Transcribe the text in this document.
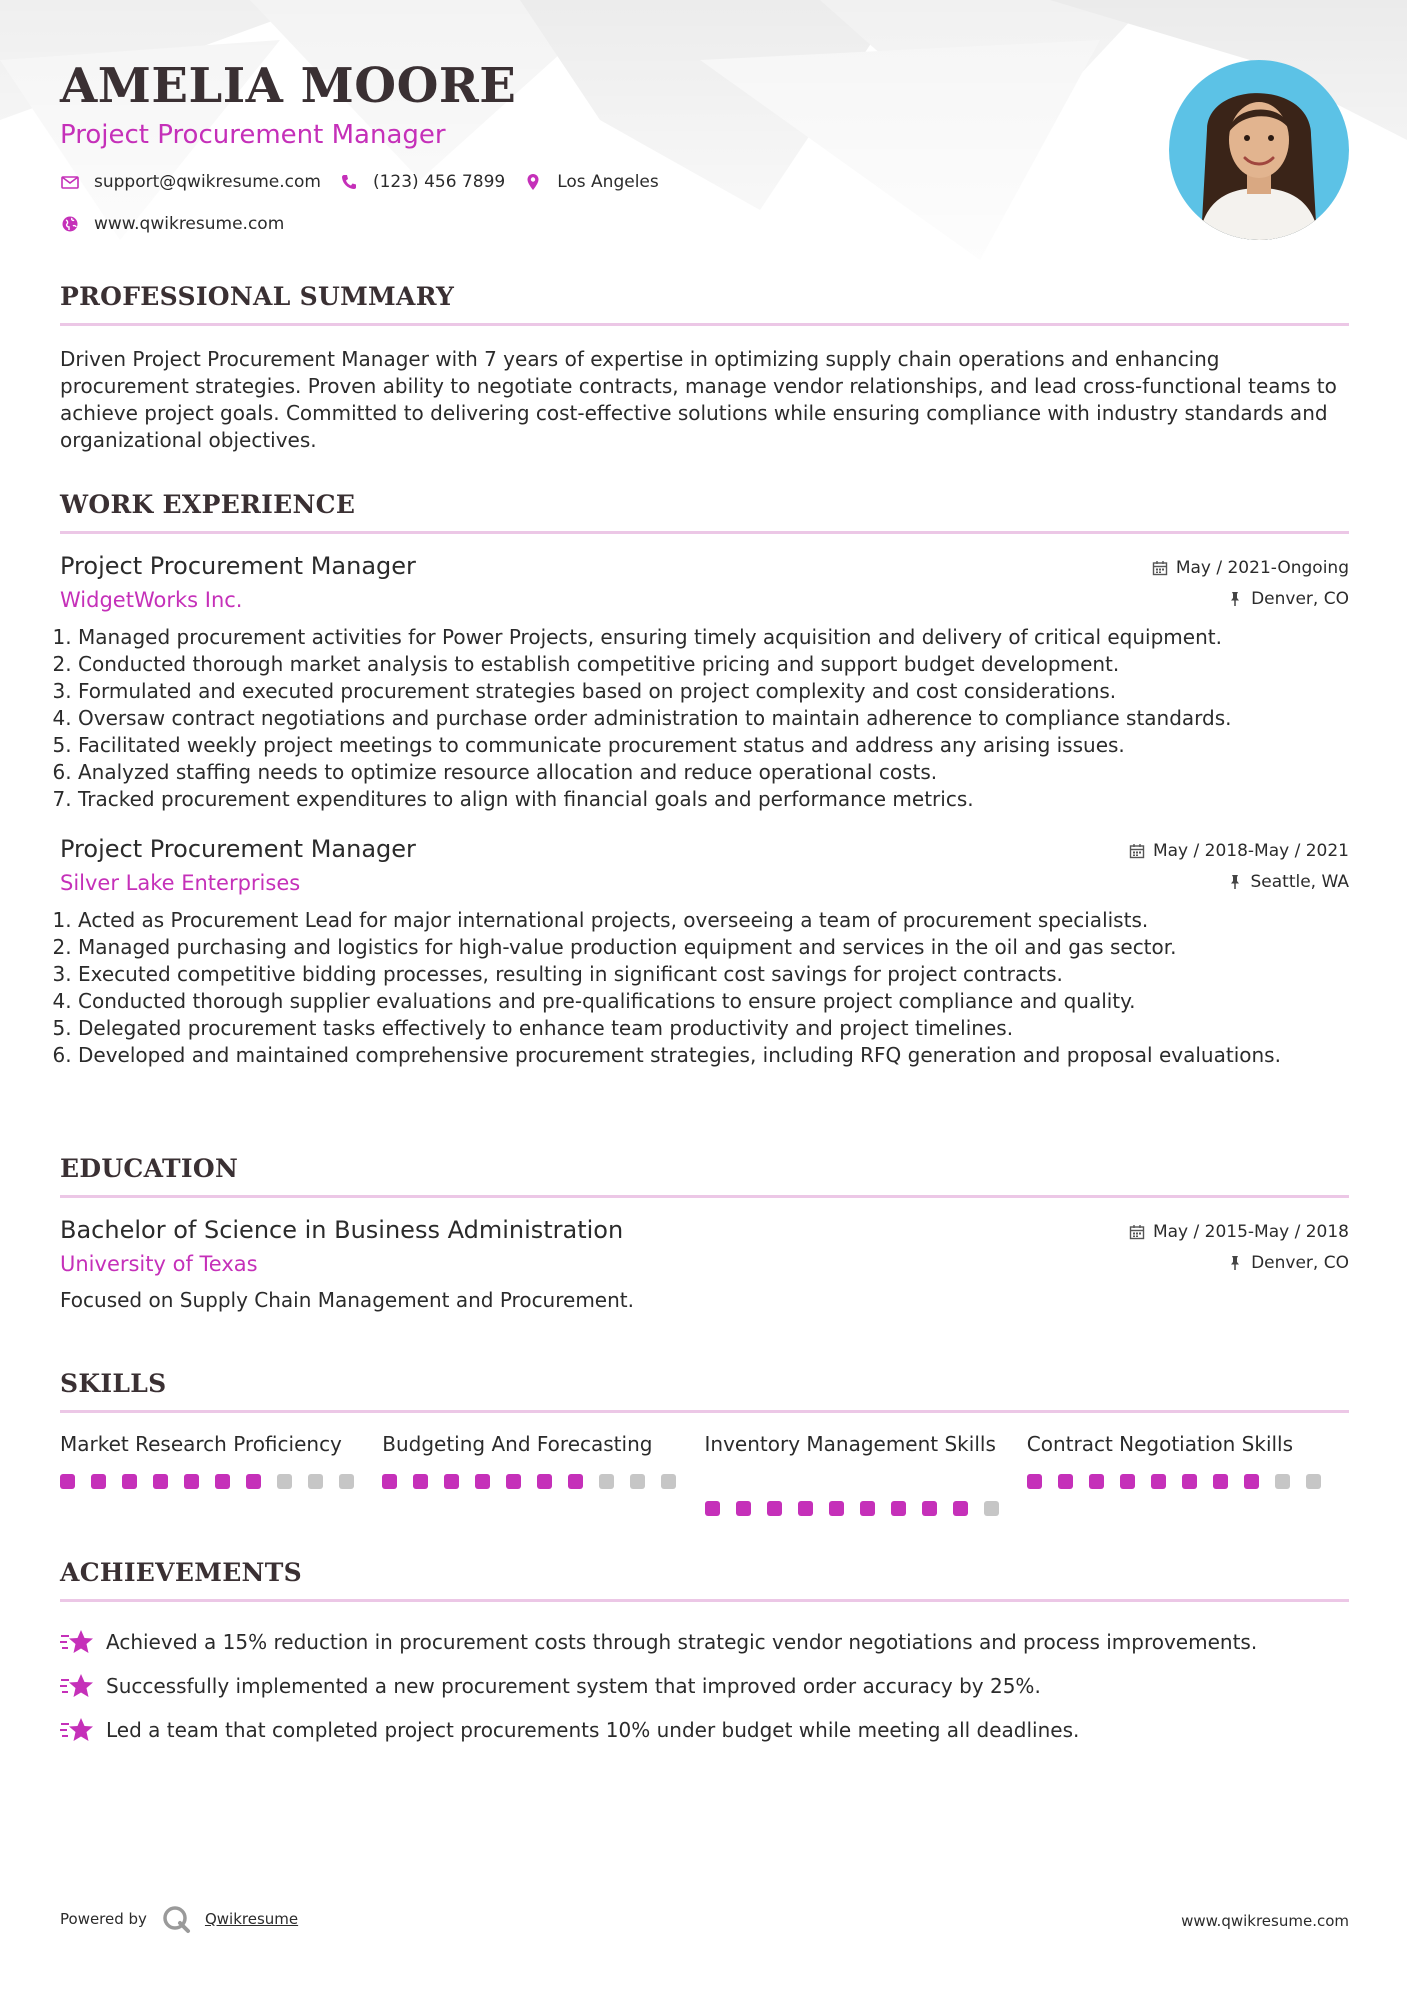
AMELIA MOORE
Project Procurement Manager
support@qwikresume.com	(123) 456 7899	Los Angeles
www.qwikresume.com
PROFESSIONAL SUMMARY

Driven Project Procurement Manager with 7 years of expertise in optimizing supply chain operations and enhancing procurement strategies. Proven ability to negotiate contracts, manage vendor relationships, and lead cross-functional teams to achieve project goals. Committed to delivering cost-effective solutions while ensuring compliance with industry standards and organizational objectives.

WORK EXPERIENCE
Project Procurement Manager
WidgetWorks Inc.
May / 2021-Ongoing
Denver, CO
1. Managed procurement activities for Power Projects, ensuring timely acquisition and delivery of critical equipment.
2. Conducted thorough market analysis to establish competitive pricing and support budget development.
3. Formulated and executed procurement strategies based on project complexity and cost considerations.
4. Oversaw contract negotiations and purchase order administration to maintain adherence to compliance standards.
5. Facilitated weekly project meetings to communicate procurement status and address any arising issues.
6. Analyzed staffing needs to optimize resource allocation and reduce operational costs.
7. Tracked procurement expenditures to align with financial goals and performance metrics.
Project Procurement Manager
Silver Lake Enterprises
May / 2018-May / 2021
Seattle, WA
1. Acted as Procurement Lead for major international projects, overseeing a team of procurement specialists.
2. Managed purchasing and logistics for high-value production equipment and services in the oil and gas sector.
3. Executed competitive bidding processes, resulting in significant cost savings for project contracts.
4. Conducted thorough supplier evaluations and pre-qualifications to ensure project compliance and quality.
5. Delegated procurement tasks effectively to enhance team productivity and project timelines.
6. Developed and maintained comprehensive procurement strategies, including RFQ generation and proposal evaluations.
EDUCATION
Bachelor of Science in Business Administration
University of Texas
May / 2015-May / 2018
Denver, CO
Focused on Supply Chain Management and Procurement.
SKILLS
Market Research Proficiency	Budgeting And Forecasting	Inventory Management Skills	Contract Negotiation Skills
ACHIEVEMENTS
Achieved a 15% reduction in procurement costs through strategic vendor negotiations and process improvements.
Successfully implemented a new procurement system that improved order accuracy by 25%.
Led a team that completed project procurements 10% under budget while meeting all deadlines.
Powered by	Qwikresume	www.qwikresume.com
